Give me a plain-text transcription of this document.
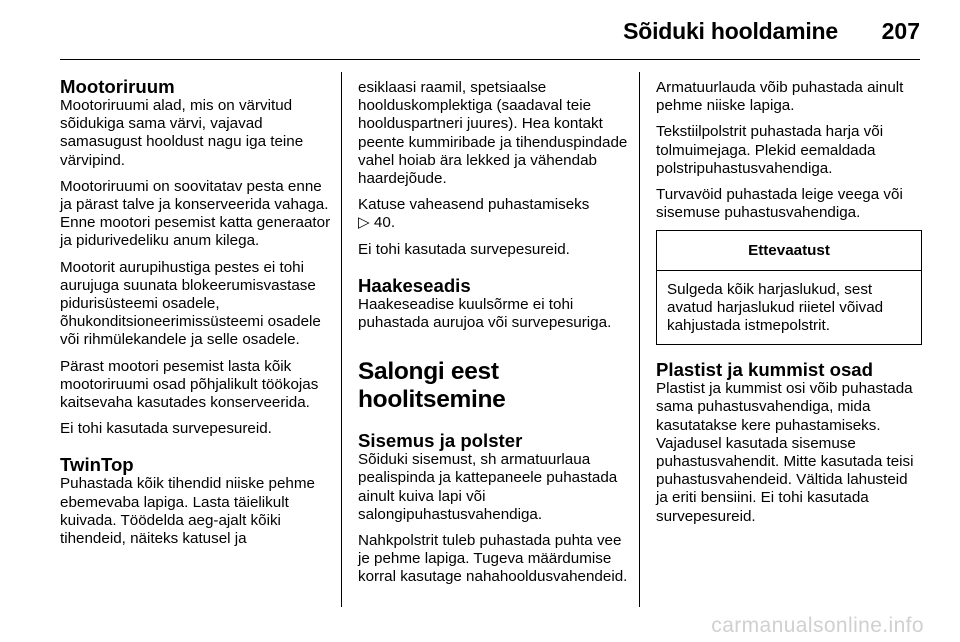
Sõiduki hooldamine 207
Mootoriruum

Mootoriruumi alad, mis on värvitud sõidukiga sama värvi, vajavad samasugust hooldust nagu iga teine värvipind.

Mootoriruumi on soovitatav pesta enne ja pärast talve ja konserveerida vahaga. Enne mootori pesemist katta generaator ja pidurivedeliku anum kilega.

Mootorit aurupihustiga pestes ei tohi aurujuga suunata blokeerumisvastase pidurisüsteemi osadele, õhukonditsioneerimissüsteemi osadele või rihmülekandele ja selle osadele.

Pärast mootori pesemist lasta kõik mootoriruumi osad põhjalikult töökojas kaitsevaha kasutades konserveerida.

Ei tohi kasutada survepesureid.

TwinTop

Puhastada kõik tihendid niiske pehme ebemevaba lapiga. Lasta täielikult kuivada. Töödelda aeg-ajalt kõiki tihendeid, näiteks katusel ja

esiklaasi raamil, spetsiaalse hoolduskomplektiga (saadaval teie hoolduspartneri juures). Hea kontakt peente kummiribade ja tihenduspindade vahel hoiab ära lekked ja vähendab haardejõude.

Katuse vaheasend puhastamiseks
▷ 40.

Ei tohi kasutada survepesureid.

Haakeseadis

Haakeseadise kuulsõrme ei tohi puhastada aurujoa või survepesuriga.

Salongi eest hoolitsemine
Sisemus ja polster

Sõiduki sisemust, sh armatuurlaua pealispinda ja kattepaneele puhastada ainult kuiva lapi või salongipuhastusvahendiga.

Nahkpolstrit tuleb puhastada puhta vee je pehme lapiga. Tugeva määrdumise korral kasutage nahahooldusvahendeid.

Armatuurlauda võib puhastada ainult pehme niiske lapiga.

Tekstiilpolstrit puhastada harja või tolmuimejaga. Plekid eemaldada polstripuhastusvahendiga.

Turvavöid puhastada leige veega või sisemuse puhastusvahendiga.

Ettevaatust
Sulgeda kõik harjaslukud, sest avatud harjaslukud riietel võivad kahjustada istmepolstrit.
Plastist ja kummist osad

Plastist ja kummist osi võib puhastada sama puhastusvahendiga, mida kasutatakse kere puhastamiseks. Vajadusel kasutada sisemuse puhastusvahendit. Mitte kasutada teisi puhastusvahendeid. Vältida lahusteid ja eriti bensiini. Ei tohi kasutada survepesureid.

carmanualsonline.info
